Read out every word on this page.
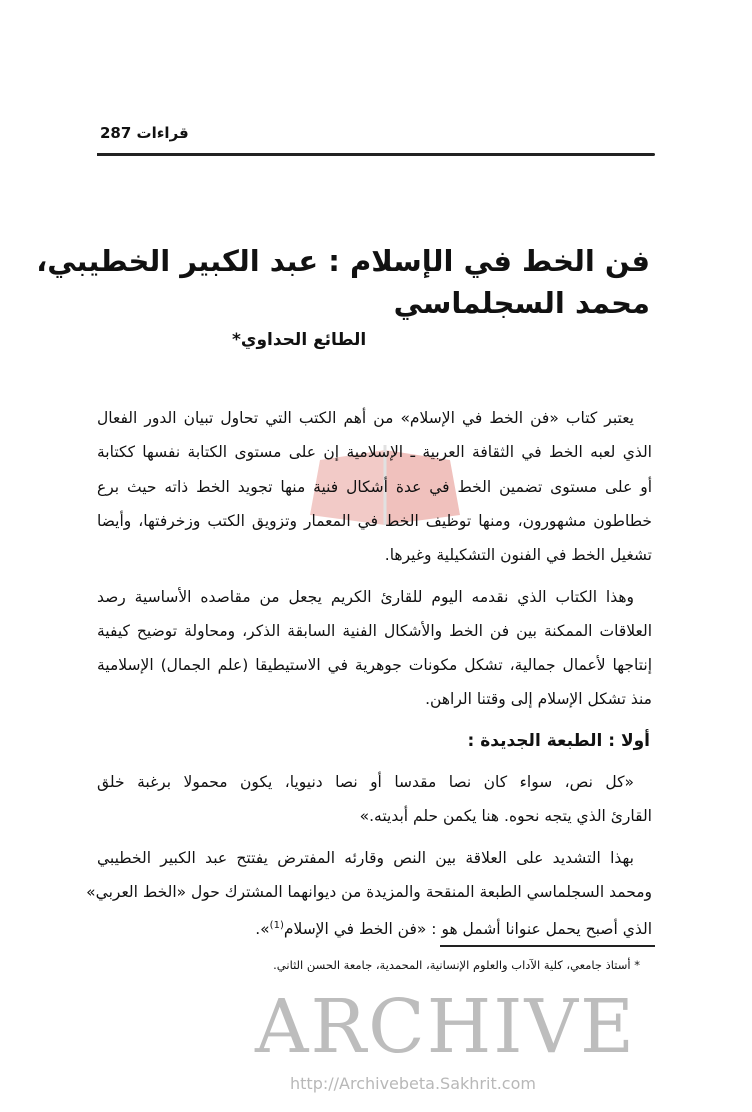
قراءات 287
فن الخط في الإسلام : عبد الكبير الخطيبي،
محمد السجلماسي
الطائع الحداوي*
يعتبر كتاب «فن الخط في الإسلام» من أهم الكتب التي تحاول تبيان الدور الفعال
الذي لعبه الخط في الثقافة العربية ـ الإسلامية إن على مستوى الكتابة نفسها ككتابة
أو على مستوى تضمين الخط في عدة أشكال فنية منها تجويد الخط ذاته حيث برع
خطاطون مشهورون، ومنها توظيف الخط في المعمار وتزويق الكتب وزخرفتها، وأيضا
تشغيل الخط في الفنون التشكيلية وغيرها.
وهذا الكتاب الذي نقدمه اليوم للقارئ الكريم يجعل من مقاصده الأساسية رصد
العلاقات الممكنة بين فن الخط والأشكال الفنية السابقة الذكر، ومحاولة توضيح كيفية
إنتاجها لأعمال جمالية، تشكل مكونات جوهرية في الاستيطيقا (علم الجمال) الإسلامية
منذ تشكل الإسلام إلى وقتنا الراهن.
أولا : الطبعة الجديدة :
«كل نص، سواء كان نصا مقدسا أو نصا دنيويا، يكون محمولا برغبة خلق
القارئ الذي يتجه نحوه. هنا يكمن حلم أبديته.»
بهذا التشديد على العلاقة بين النص وقارئه المفترض يفتتح عبد الكبير الخطيبي
ومحمد السجلماسي الطبعة المنقحة والمزيدة من ديوانهما المشترك حول «الخط العربي»
الذي أصبح يحمل عنوانا أشمل هو : «فن الخط في الإسلام$^{(1)}$».
* أستاذ جامعي، كلية الآداب والعلوم الإنسانية، المحمدية، جامعة الحسن الثاني.
ARCHIVE
http://Archivebeta.Sakhrit.com
